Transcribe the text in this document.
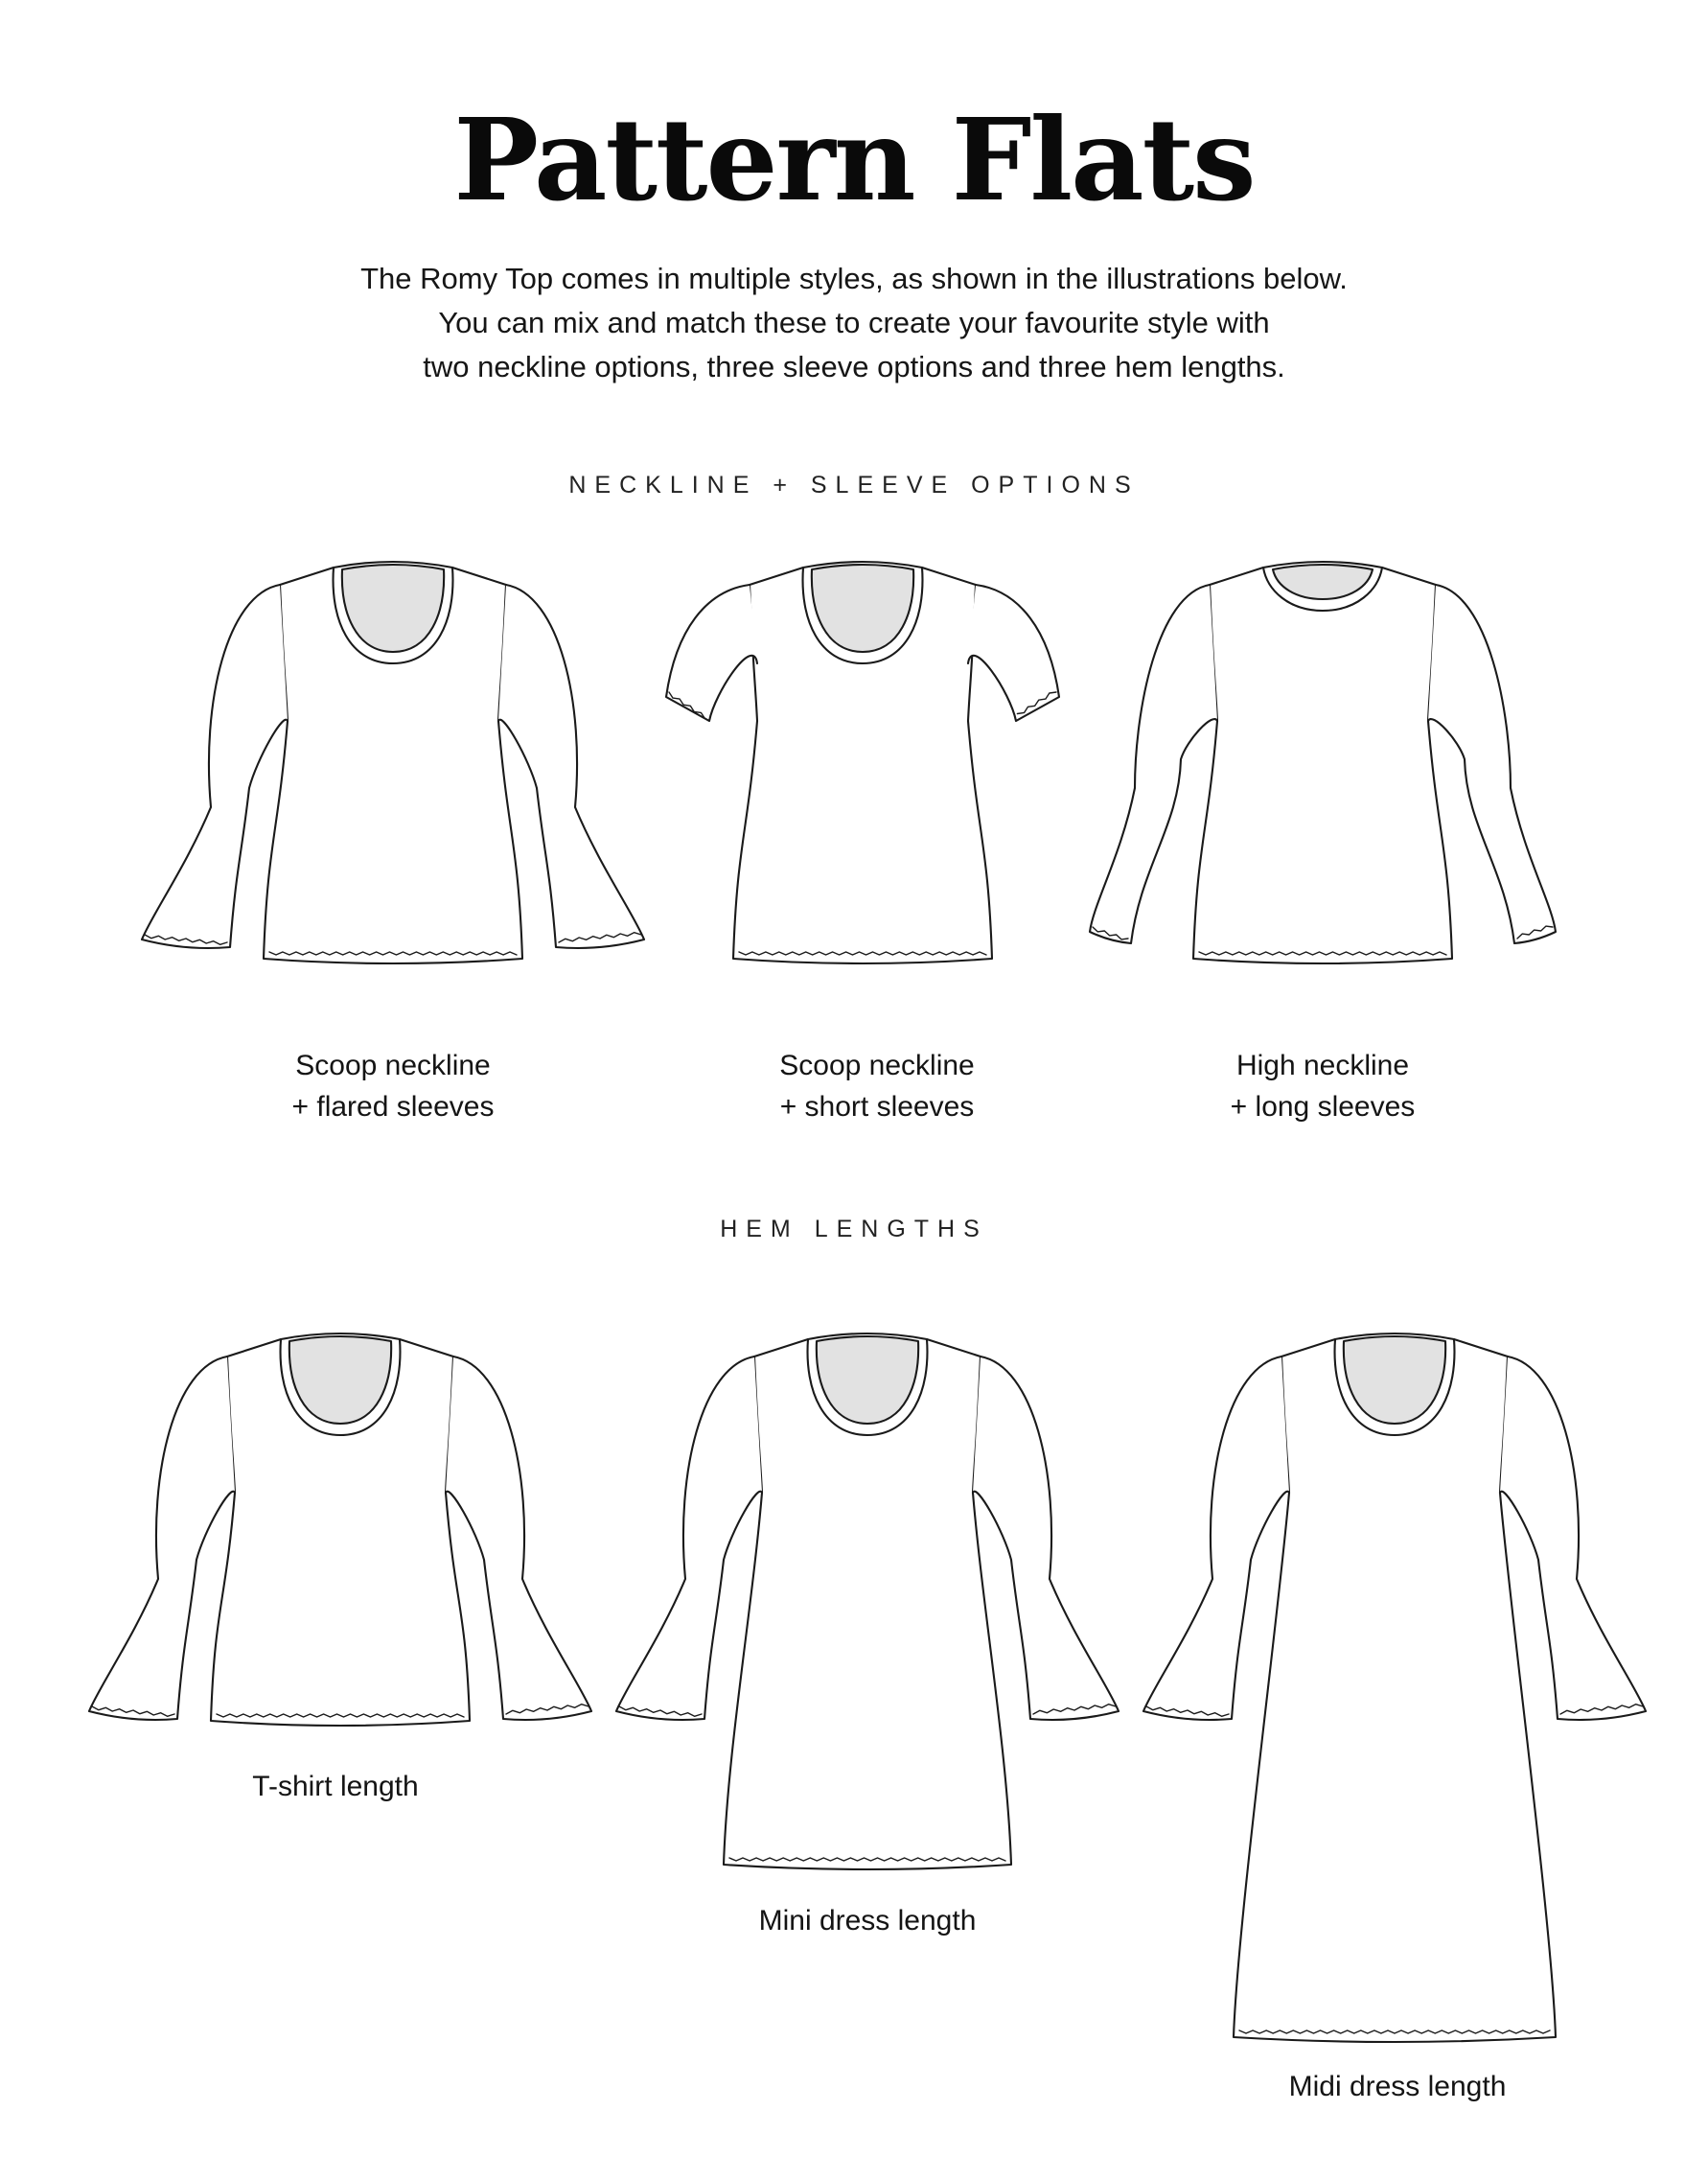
Pattern Flats
The Romy Top comes in multiple styles, as shown in the illustrations below.
You can mix and match these to create your favourite style with
two neckline options, three sleeve options and three hem lengths.
NECKLINE + SLEEVE OPTIONS
Scoop neckline
+ flared sleeves
Scoop neckline
+ short sleeves
High neckline
+ long sleeves
HEM LENGTHS
T-shirt length
Mini dress length
Midi dress length
